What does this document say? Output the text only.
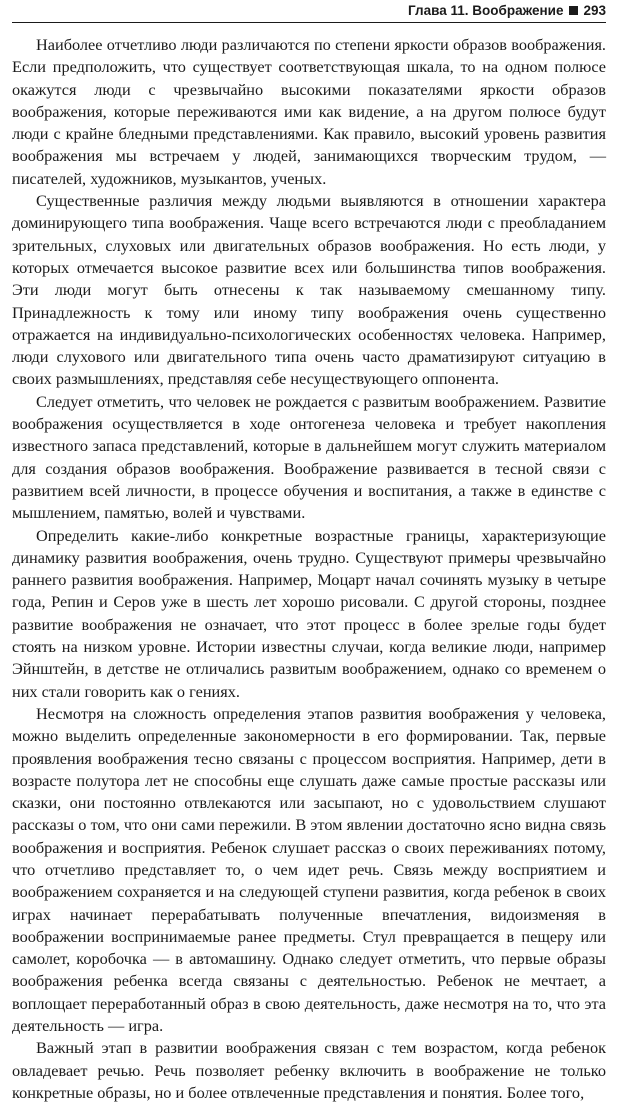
Глава 11. Воображение 293

Наиболее отчетливо люди различаются по степени яркости образов воображения. Если предположить, что существует соответствующая шкала, то на одном полюсе окажутся люди с чрезвычайно высокими показателями яркости образов воображения, которые переживаются ими как видение, а на другом полюсе будут люди с крайне бледными представлениями. Как правило, высокий уровень развития воображения мы встречаем у людей, занимающихся творческим трудом, — писателей, художников, музыкантов, ученых.

Существенные различия между людьми выявляются в отношении характера доминирующего типа воображения. Чаще всего встречаются люди с преобладанием зрительных, слуховых или двигательных образов воображения. Но есть люди, у которых отмечается высокое развитие всех или большинства типов воображения. Эти люди могут быть отнесены к так называемому смешанному типу. Принадлежность к тому или иному типу воображения очень существенно отражается на индивидуально-психологических особенностях человека. Например, люди слухового или двигательного типа очень часто драматизируют ситуацию в своих размышлениях, представляя себе несуществующего оппонента.

Следует отметить, что человек не рождается с развитым воображением. Развитие воображения осуществляется в ходе онтогенеза человека и требует накопления известного запаса представлений, которые в дальнейшем могут служить материалом для создания образов воображения. Воображение развивается в тесной связи с развитием всей личности, в процессе обучения и воспитания, а также в единстве с мышлением, памятью, волей и чувствами.

Определить какие-либо конкретные возрастные границы, характеризующие динамику развития воображения, очень трудно. Существуют примеры чрезвычайно раннего развития воображения. Например, Моцарт начал сочинять музыку в четыре года, Репин и Серов уже в шесть лет хорошо рисовали. С другой стороны, позднее развитие воображения не означает, что этот процесс в более зрелые годы будет стоять на низком уровне. Истории известны случаи, когда великие люди, например Эйнштейн, в детстве не отличались развитым воображением, однако со временем о них стали говорить как о гениях.

Несмотря на сложность определения этапов развития воображения у человека, можно выделить определенные закономерности в его формировании. Так, первые проявления воображения тесно связаны с процессом восприятия. Например, дети в возрасте полутора лет не способны еще слушать даже самые простые рассказы или сказки, они постоянно отвлекаются или засыпают, но с удовольствием слушают рассказы о том, что они сами пережили. В этом явлении достаточно ясно видна связь воображения и восприятия. Ребенок слушает рассказ о своих переживаниях потому, что отчетливо представляет то, о чем идет речь. Связь между восприятием и воображением сохраняется и на следующей ступени развития, когда ребенок в своих играх начинает перерабатывать полученные впечатления, видоизменяя в воображении воспринимаемые ранее предметы. Стул превращается в пещеру или самолет, коробочка — в автомашину. Однако следует отметить, что первые образы воображения ребенка всегда связаны с деятельностью. Ребенок не мечтает, а воплощает переработанный образ в свою деятельность, даже несмотря на то, что эта деятельность — игра.

Важный этап в развитии воображения связан с тем возрастом, когда ребенок овладевает речью. Речь позволяет ребенку включить в воображение не только конкретные образы, но и более отвлеченные представления и понятия. Более того,
